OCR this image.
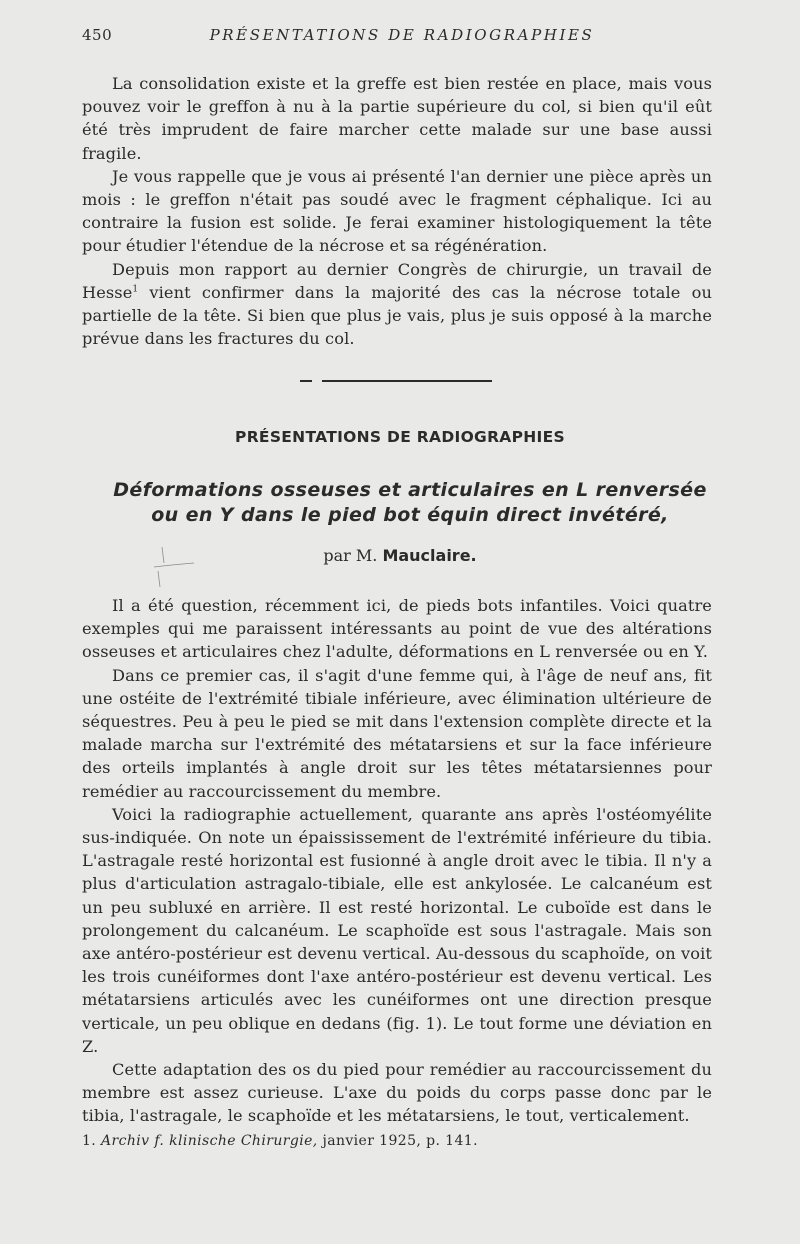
450	PRÉSENTATIONS DE RADIOGRAPHIES

La consolidation existe et la greffe est bien restée en place, mais vous pouvez voir le greffon à nu à la partie supérieure du col, si bien qu'il eût été très imprudent de faire marcher cette malade sur une base aussi fragile.

Je vous rappelle que je vous ai présenté l'an dernier une pièce après un mois : le greffon n'était pas soudé avec le fragment céphalique. Ici au contraire la fusion est solide. Je ferai examiner histologiquement la tête pour étudier l'étendue de la nécrose et sa régénération.

Depuis mon rapport au dernier Congrès de chirurgie, un travail de Hesse$^1$ vient confirmer dans la majorité des cas la nécrose totale ou partielle de la tête. Si bien que plus je vais, plus je suis opposé à la marche prévue dans les fractures du col.

PRÉSENTATIONS DE RADIOGRAPHIES
Déformations osseuses et articulaires en L renversée
ou en Y dans le pied bot équin direct invétéré,
par M. Mauclaire.

Il a été question, récemment ici, de pieds bots infantiles. Voici quatre exemples qui me paraissent intéressants au point de vue des altérations osseuses et articulaires chez l'adulte, déformations en L renversée ou en Y.

Dans ce premier cas, il s'agit d'une femme qui, à l'âge de neuf ans, fit une ostéite de l'extrémité tibiale inférieure, avec élimination ultérieure de séquestres. Peu à peu le pied se mit dans l'extension complète directe et la malade marcha sur l'extrémité des métatarsiens et sur la face inférieure des orteils implantés à angle droit sur les têtes métatarsiennes pour remédier au raccourcissement du membre.

Voici la radiographie actuellement, quarante ans après l'ostéomyélite sus-indiquée. On note un épaississement de l'extrémité inférieure du tibia. L'astragale resté horizontal est fusionné à angle droit avec le tibia. Il n'y a plus d'articulation astragalo-tibiale, elle est ankylosée. Le calcanéum est un peu subluxé en arrière. Il est resté horizontal. Le cuboïde est dans le prolongement du calcanéum. Le scaphoïde est sous l'astragale. Mais son axe antéro-postérieur est devenu vertical. Au-dessous du scaphoïde, on voit les trois cunéiformes dont l'axe antéro-postérieur est devenu vertical. Les métatarsiens articulés avec les cunéiformes ont une direction presque verticale, un peu oblique en dedans (fig. 1). Le tout forme une déviation en Z.

Cette adaptation des os du pied pour remédier au raccourcissement du membre est assez curieuse. L'axe du poids du corps passe donc par le tibia, l'astragale, le scaphoïde et les métatarsiens, le tout, verticalement.

1. Archiv f. klinische Chirurgie, janvier 1925, p. 141.
